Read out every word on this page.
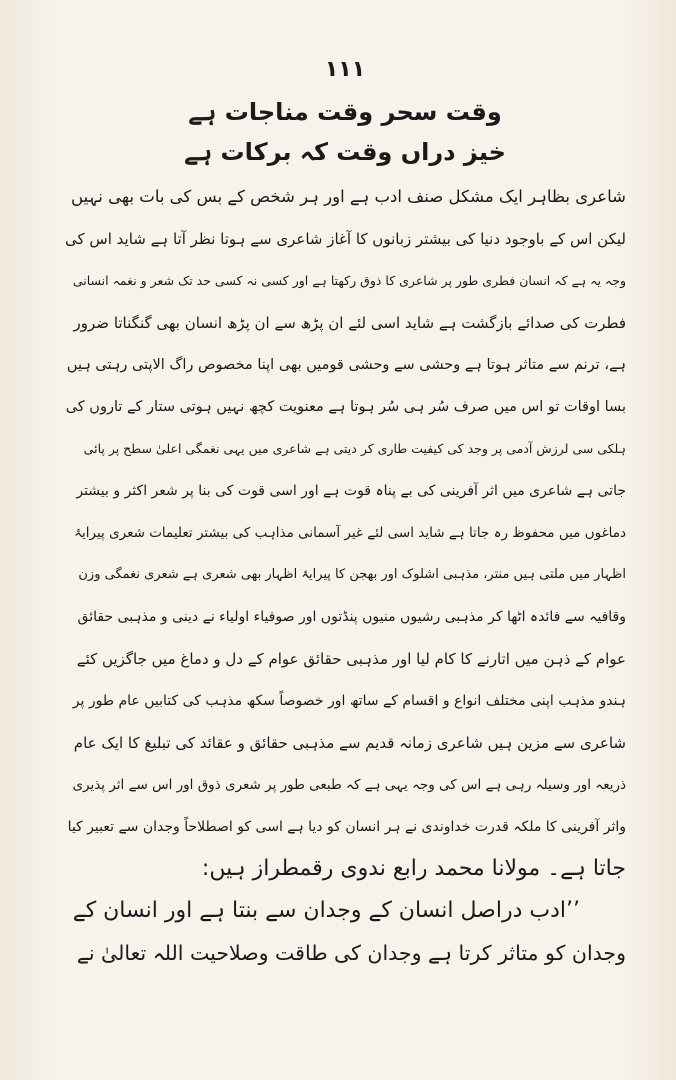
١١١

وقت سحر وقت مناجات ہے

خیز دراں وقت کہ برکات ہے

شاعری بظاہر ایک مشکل صنف ادب ہے اور ہر شخص کے بس کی بات بھی نہیں
لیکن اس کے باوجود دنیا کی بیشتر زبانوں کا آغاز شاعری سے ہوتا نظر آتا ہے شاید اس کی
وجہ یہ ہے کہ انسان فطری طور پر شاعری کا ذوق رکھتا ہے اور کسی نہ کسی حد تک شعر و نغمہ انسانی
فطرت کی صدائے بازگشت ہے شاید اسی لئے ان پڑھ سے ان پڑھ انسان بھی گنگناتا ضرور
ہے، ترنم سے متاثر ہوتا ہے وحشی سے وحشی قومیں بھی اپنا مخصوص راگ الاپتی رہتی ہیں
بسا اوقات تو اس میں صرف سُر ہی سُر ہوتا ہے معنویت کچھ نہیں ہوتی ستار کے تاروں کی
ہلکی سی لرزش آدمی پر وجد کی کیفیت طاری کر دیتی ہے شاعری میں یہی نغمگی اعلیٰ سطح پر پائی
جاتی ہے شاعری میں اثر آفرینی کی بے پناہ قوت ہے اور اسی قوت کی بنا پر شعر اکثر و بیشتر
دماغوں میں محفوظ رہ جاتا ہے شاید اسی لئے غیر آسمانی مذاہب کی بیشتر تعلیمات شعری پیرایۂ
اظہار میں ملتی ہیں منتر، مذہبی اشلوک اور بھجن کا پیرایۂ اظہار بھی شعری ہے شعری نغمگی وزن
وقافیہ سے فائدہ اٹھا کر مذہبی رشیوں منیوں پنڈتوں اور صوفیاء اولیاء نے دینی و مذہبی حقائق
عوام کے ذہن میں اتارنے کا کام لیا اور مذہبی حقائق عوام کے دل و دماغ میں جاگزیں کئے
ہندو مذہب اپنی مختلف انواع و اقسام کے ساتھ اور خصوصاً سکھ مذہب کی کتابیں عام طور پر
شاعری سے مزین ہیں شاعری زمانہ قدیم سے مذہبی حقائق و عقائد کی تبلیغ کا ایک عام
ذریعہ اور وسیلہ رہی ہے اس کی وجہ یہی ہے کہ طبعی طور پر شعری ذوق اور اس سے اثر پذیری
واثر آفرینی کا ملکہ قدرت خداوندی نے ہر انسان کو دیا ہے اسی کو اصطلاحاً وجدان سے تعبیر کیا
جاتا ہے۔ مولانا محمد رابع ندوی رقمطراز ہیں:
’’ادب دراصل انسان کے وجدان سے بنتا ہے اور انسان کے
وجدان کو متاثر کرتا ہے وجدان کی طاقت وصلاحیت اللہ تعالیٰ نے
